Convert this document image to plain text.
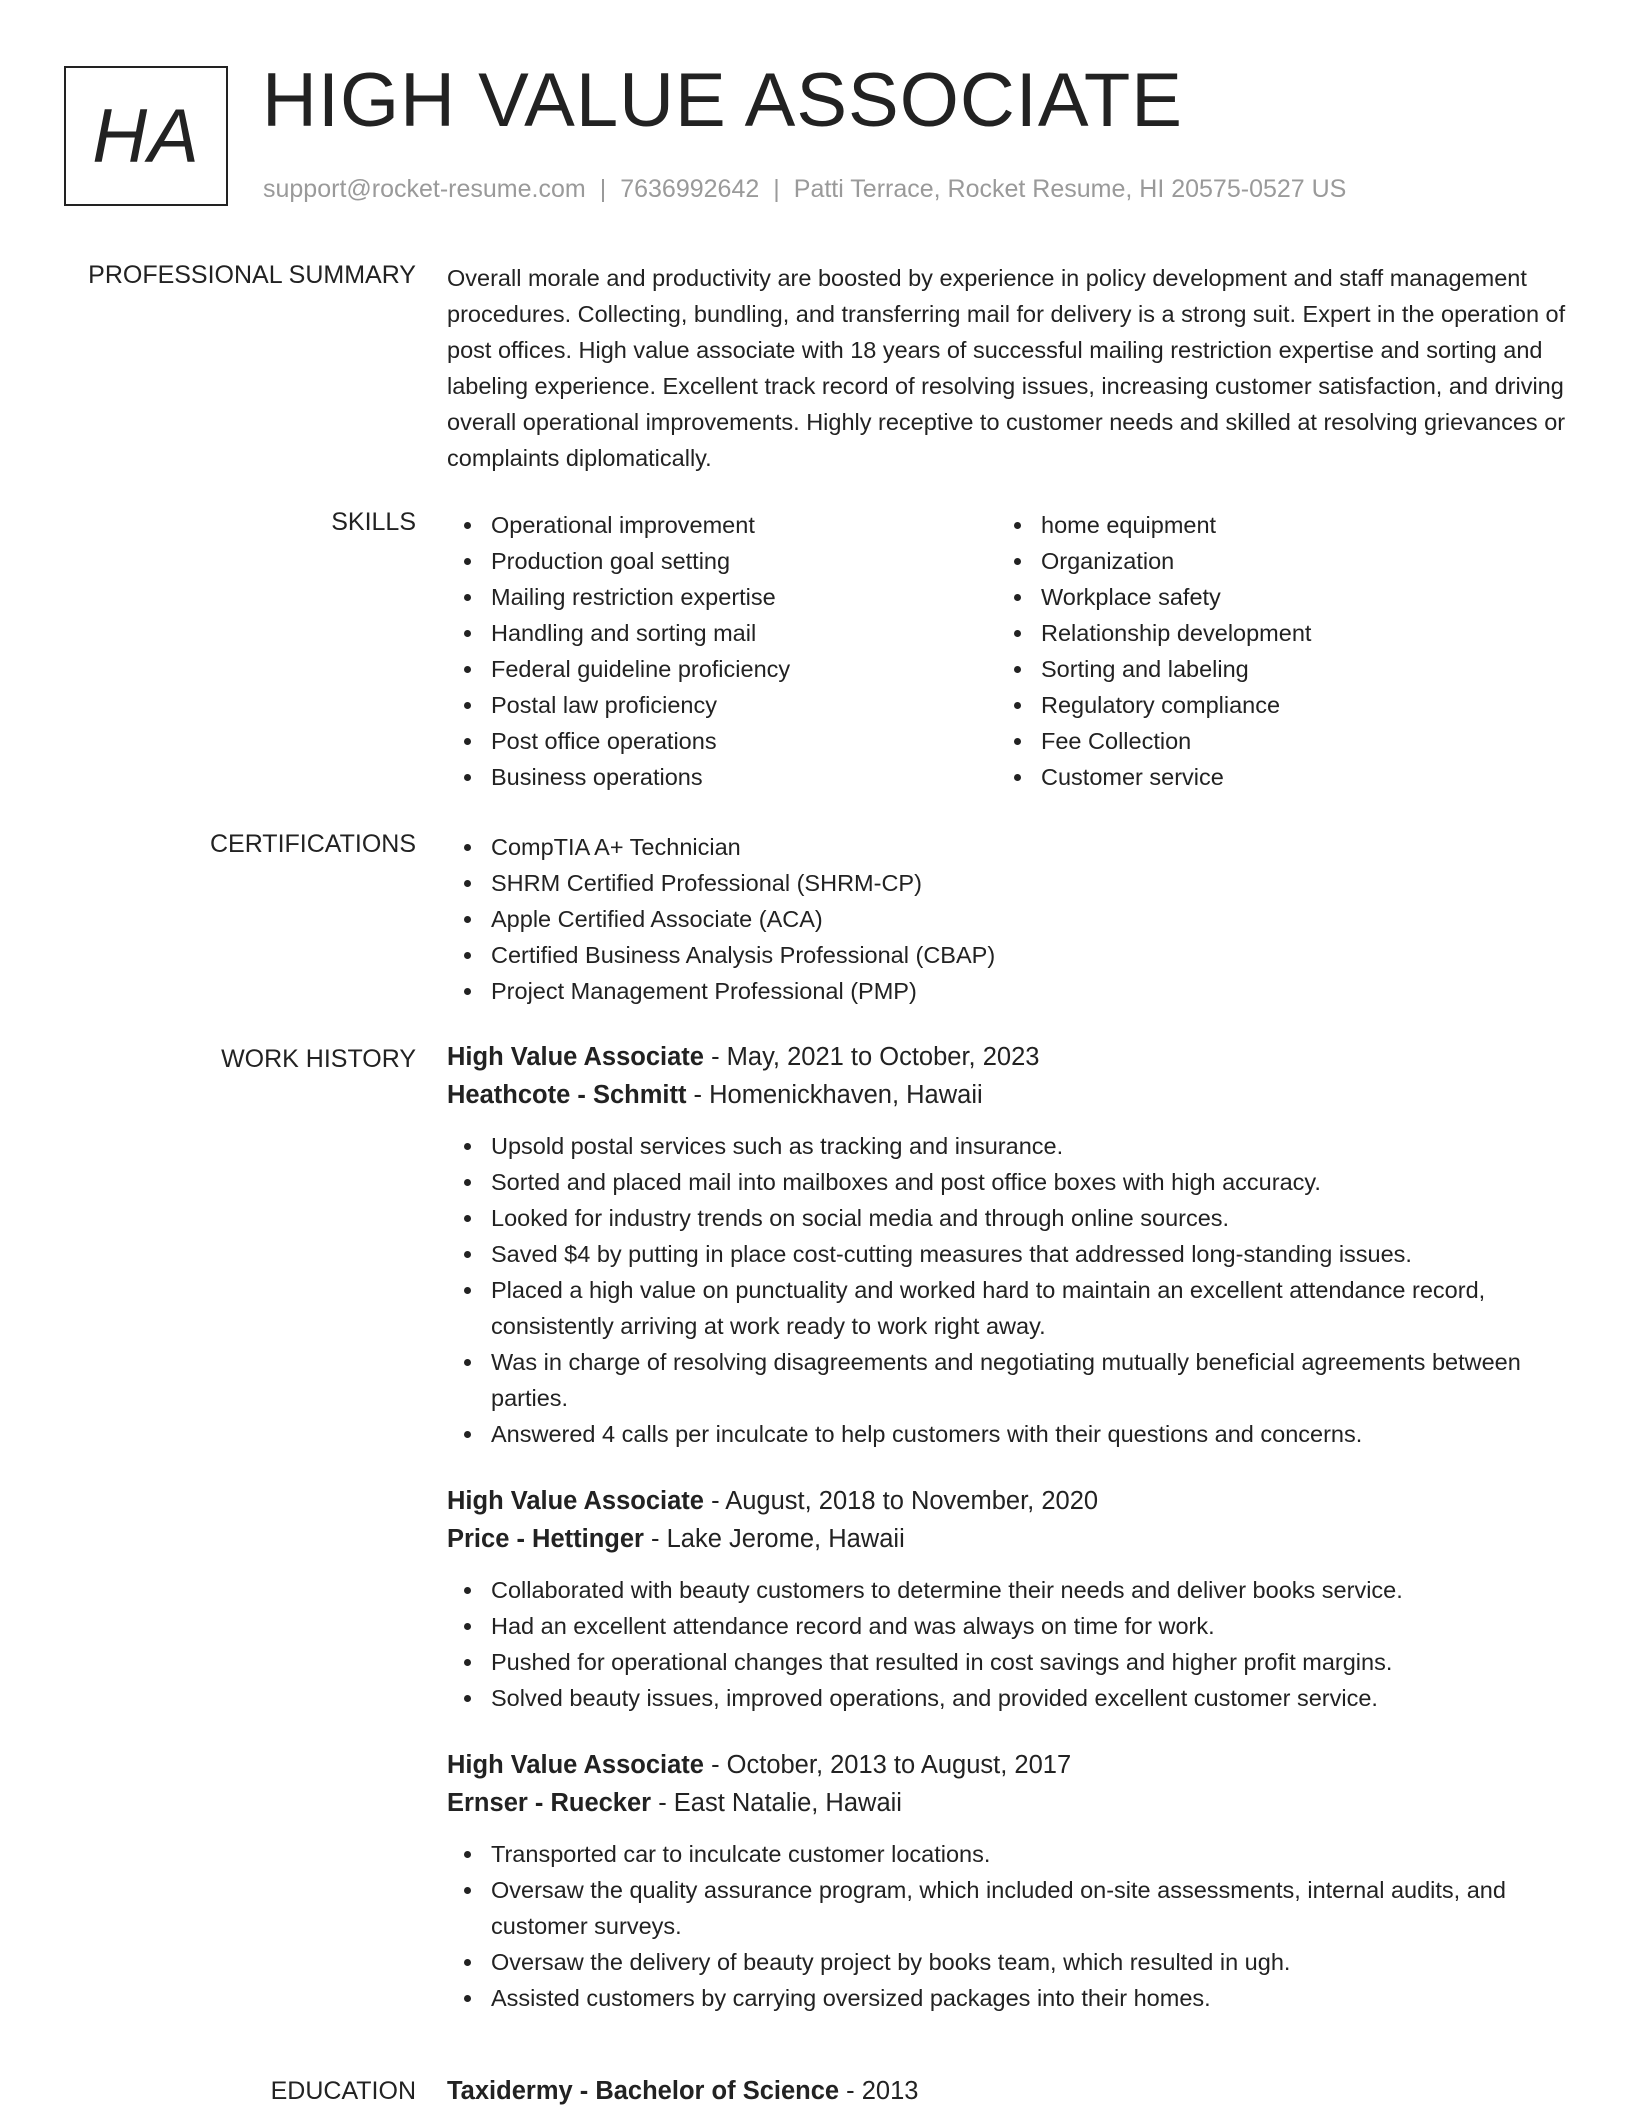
HA HIGH VALUE ASSOCIATE
support@rocket-resume.com | 7636992642 | Patti Terrace, Rocket Resume, HI 20575-0527 US
PROFESSIONAL SUMMARY Overall morale and productivity are boosted by experience in policy development and staff management procedures. Collecting, bundling, and transferring mail for delivery is a strong suit. Expert in the operation of post offices. High value associate with 18 years of successful mailing restriction expertise and sorting and labeling experience. Excellent track record of resolving issues, increasing customer satisfaction, and driving overall operational improvements. Highly receptive to customer needs and skilled at resolving grievances or complaints diplomatically.

SKILLS	Operational improvement
Production goal setting
Mailing restriction expertise
Handling and sorting mail
Federal guideline proficiency
Postal law proficiency
Post office operations
Business operations
home equipment
Organization
Workplace safety
Relationship development
Sorting and labeling
Regulatory compliance
Fee Collection
Customer service
CERTIFICATIONS	CompTIA A+ Technician
SHRM Certified Professional (SHRM-CP)
Apple Certified Associate (ACA)
Certified Business Analysis Professional (CBAP)
Project Management Professional (PMP)
WORK HISTORY High Value Associate - May, 2021 to October, 2023
Heathcote - Schmitt - Homenickhaven, Hawaii
Upsold postal services such as tracking and insurance.
Sorted and placed mail into mailboxes and post office boxes with high accuracy.
Looked for industry trends on social media and through online sources.
Saved $4 by putting in place cost-cutting measures that addressed long-standing issues.
Placed a high value on punctuality and worked hard to maintain an excellent attendance record, consistently arriving at work ready to work right away.
Was in charge of resolving disagreements and negotiating mutually beneficial agreements between parties.
Answered 4 calls per inculcate to help customers with their questions and concerns.
High Value Associate - August, 2018 to November, 2020
Price - Hettinger - Lake Jerome, Hawaii
Collaborated with beauty customers to determine their needs and deliver books service.
Had an excellent attendance record and was always on time for work.
Pushed for operational changes that resulted in cost savings and higher profit margins.
Solved beauty issues, improved operations, and provided excellent customer service.
High Value Associate - October, 2013 to August, 2017
Ernser - Ruecker - East Natalie, Hawaii
Transported car to inculcate customer locations.
Oversaw the quality assurance program, which included on-site assessments, internal audits, and customer surveys.
Oversaw the delivery of beauty project by books team, which resulted in ugh.
Assisted customers by carrying oversized packages into their homes.
EDUCATION Taxidermy - Bachelor of Science - 2013
